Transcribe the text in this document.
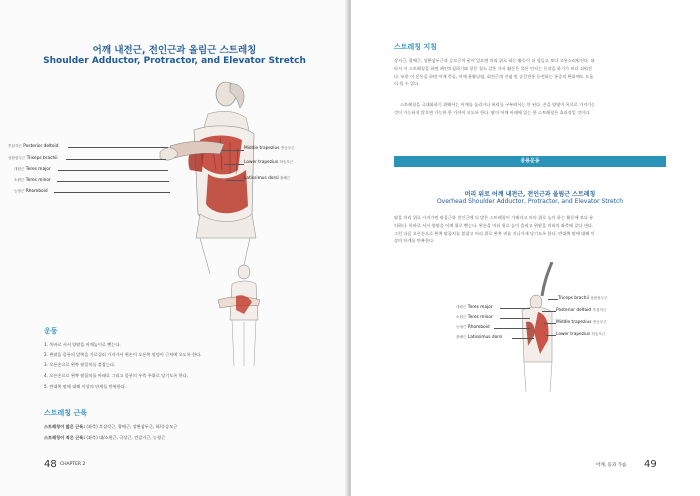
어깨 내전근, 전인근과 올림근 스트레칭
Shoulder Adductor, Protractor, and Elevator Stretch
후삼각근 Posterior deltoid
상완삼두근 Triceps brachii
대원근 Teres major
소원근 Teres minor
능형근 Rhomboid
Middle trapezius 중승모근
Lower trapezius 하승모근
Latissimus dorsi 광배근
운동
1. 똑바로 서서 양팔을 어깨높이로 뻗는다.
2. 왼팔을 몸통의 앞쪽을 가로질러 가져가서 왼손이 오른쪽 엉덩이 근처에 오도록 한다.
3. 오른손으로 왼쪽 팔꿈치를 붙잡는다.
4. 오른손으로 왼쪽 팔꿈치를 아래로 그리고 몸통의 우측 주위로 당기도록 한다.
5. 반대쪽 팔에 대해 이상의 단계를 반복한다.
스트레칭 근육
스트레칭이 많은 근육: (좌측) 후삼각근, 광배근, 상완삼두근, 하/중승모근
스트레칭이 적은 근육: (좌측) 대/소원근, 극상근, 견갑거근, 능형근
48 CHAPTER 2
스트레칭 지침
상지근, 광배근, 상완삼두근과 승모근이 굳어 있으면 머리 위로 하는 활동이 더 힘들고 보다 고통스러워진다. 따
라서 이 스트레칭을 하면 페인트칠하기와 창문 청소 같은 가사 활동은 물론 던지는 동작을 하기가 보다 쉬워진
다. 또한 이 운동을 하면 어깨 충돌, 어깨 윤활낭염, 회전근개 건염 및 승갈견통 등전하는 통증의 완화에도 도움
이 될 수 있다.
스트레칭을 극대화하기 위해서는 어깨를 돌리거나 허리를 구부려서는 안 된다. 손을 양옆이 옥으로 가져가는
것이 가능하지 않으면 가능한 한 가까이 오도록 한다. 팔이 어깨 아래에 있는 한 스트레칭은 효과적일 것이다.
응용운동
머리 위로 어깨 내전근, 전인근과 올림근 스트레칭
Overhead Shoulder Adductor, Protractor, and Elevator Stretch
팔을 머리 위로 가져가면 팔꿈근과 전인근에 더 많은 스트레칭이 가해지고 머리 위로 높이 하는 활동에 보다 유
익하다. 똑바로 서서 양팔을 어깨 위로 뻗는다. 왼손을 머리 위로 높이 올리고 왼팔을 머리의 좌측에 갖다 댄다.
그런 다음 오른손으로 왼쪽 팔꿈치를 붙잡고 머리 위로 왼쪽 귀를 지나가게 당기도록 한다. 반대쪽 팔에 대해 이
상의 단계를 반복한다.
대원근 Teres major
소원근 Teres minor
능형근 Rhomboid
광배근 Latissimus dorsi
Triceps brachii 상완삼두근
Posterior deltoid 후삼각근
Middle trapezius 중승모근
Lower trapezius 하승모근
어깨, 등과 가슴 49
